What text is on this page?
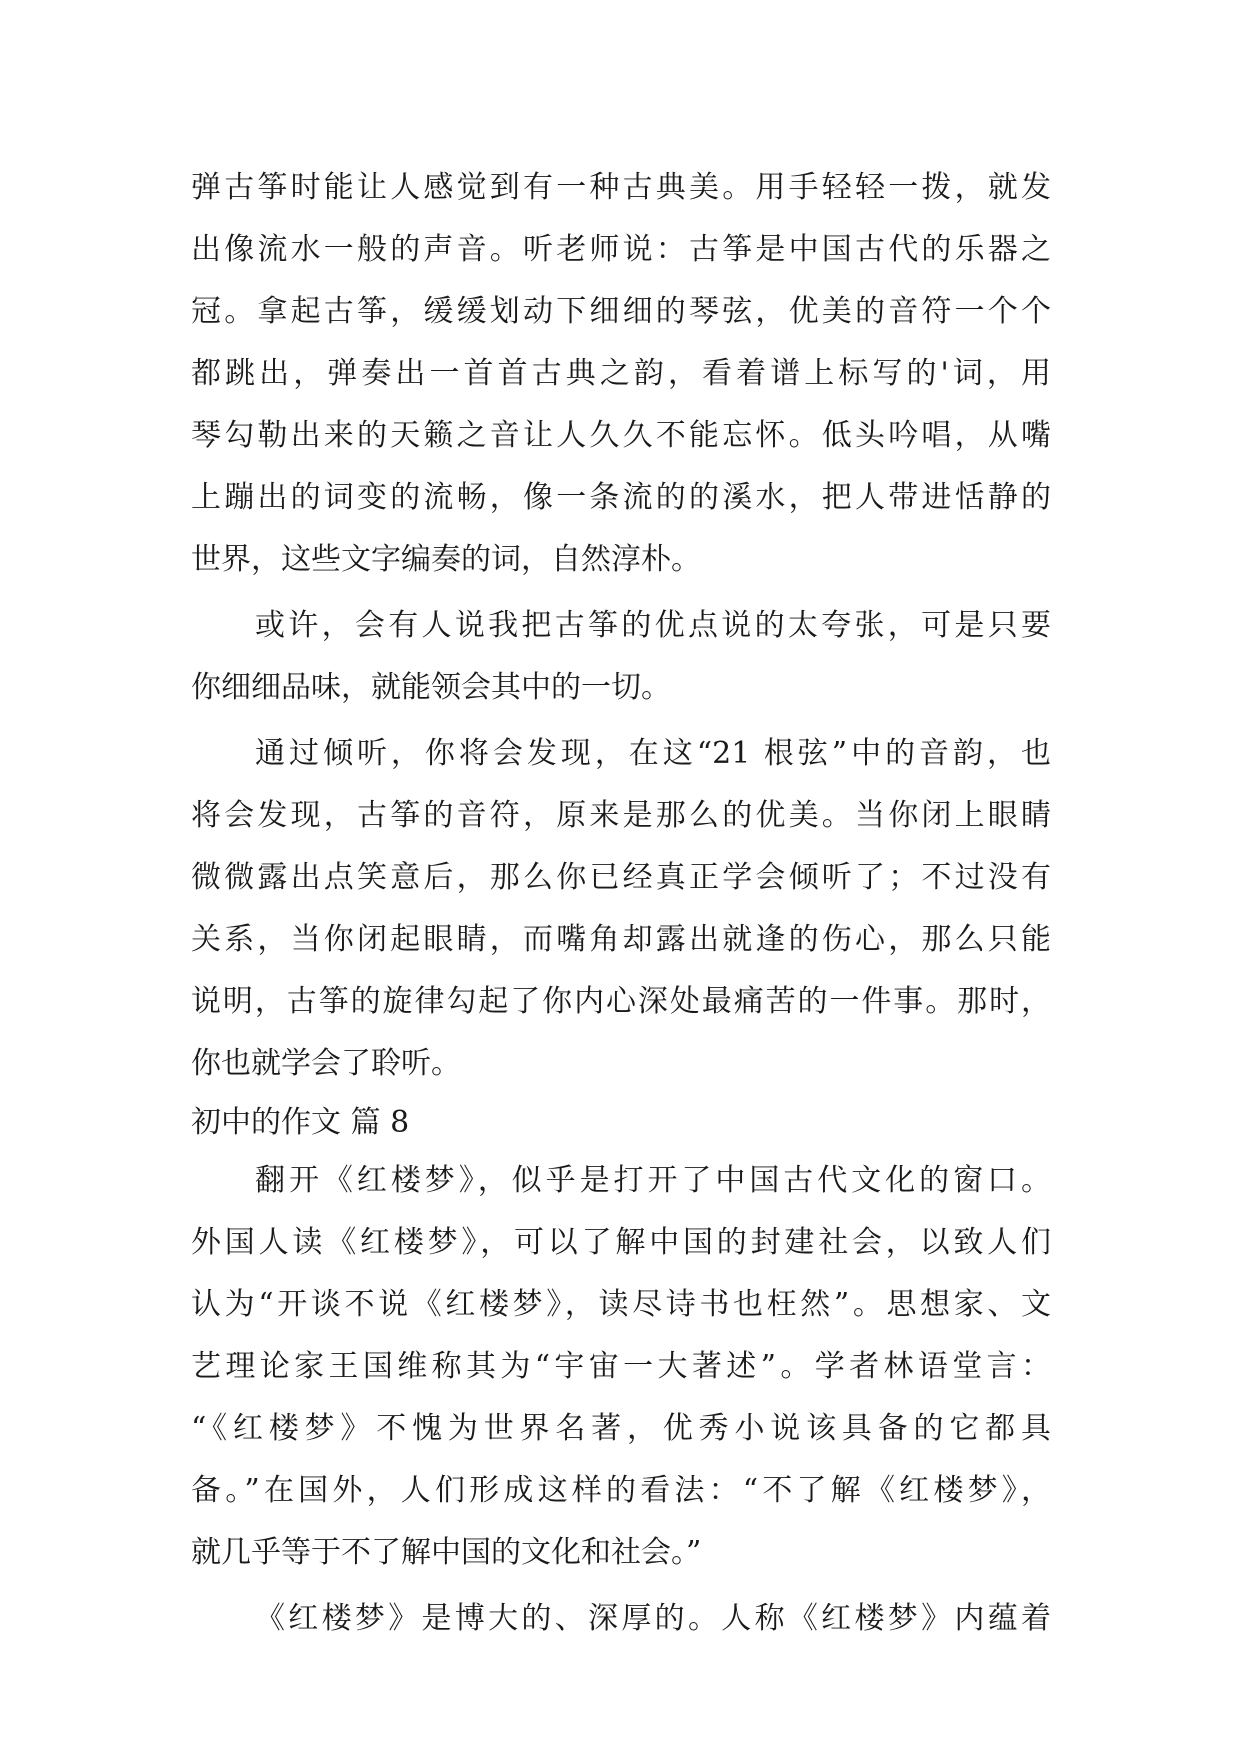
弹古筝时能让人感觉到有一种古典美。用手轻轻一拨，就发
出像流水一般的声音。听老师说：古筝是中国古代的乐器之
冠。拿起古筝，缓缓划动下细细的琴弦，优美的音符一个个
都跳出，弹奏出一首首古典之韵，看着谱上标写的'词，用
琴勾勒出来的天籁之音让人久久不能忘怀。低头吟唱，从嘴
上蹦出的词变的流畅，像一条流的的溪水，把人带进恬静的
世界，这些文字编奏的词，自然淳朴。
或许，会有人说我把古筝的优点说的太夸张，可是只要
你细细品味，就能领会其中的一切。
通过倾听，你将会发现，在这“21 根弦”中的音韵，也
将会发现，古筝的音符，原来是那么的优美。当你闭上眼睛
微微露出点笑意后，那么你已经真正学会倾听了；不过没有
关系，当你闭起眼睛，而嘴角却露出就逢的伤心，那么只能
说明，古筝的旋律勾起了你内心深处最痛苦的一件事。那时，
你也就学会了聆听。
初中的作文 篇 8
翻开《红楼梦》，似乎是打开了中国古代文化的窗口。
外国人读《红楼梦》，可以了解中国的封建社会，以致人们
认为“开谈不说《红楼梦》，读尽诗书也枉然”。思想家、文
艺理论家王国维称其为“宇宙一大著述”。学者林语堂言：
“《红楼梦》不愧为世界名著，优秀小说该具备的它都具
备。”在国外，人们形成这样的看法：“不了解《红楼梦》，
就几乎等于不了解中国的文化和社会。”
《红楼梦》是博大的、深厚的。人称《红楼梦》内蕴着
